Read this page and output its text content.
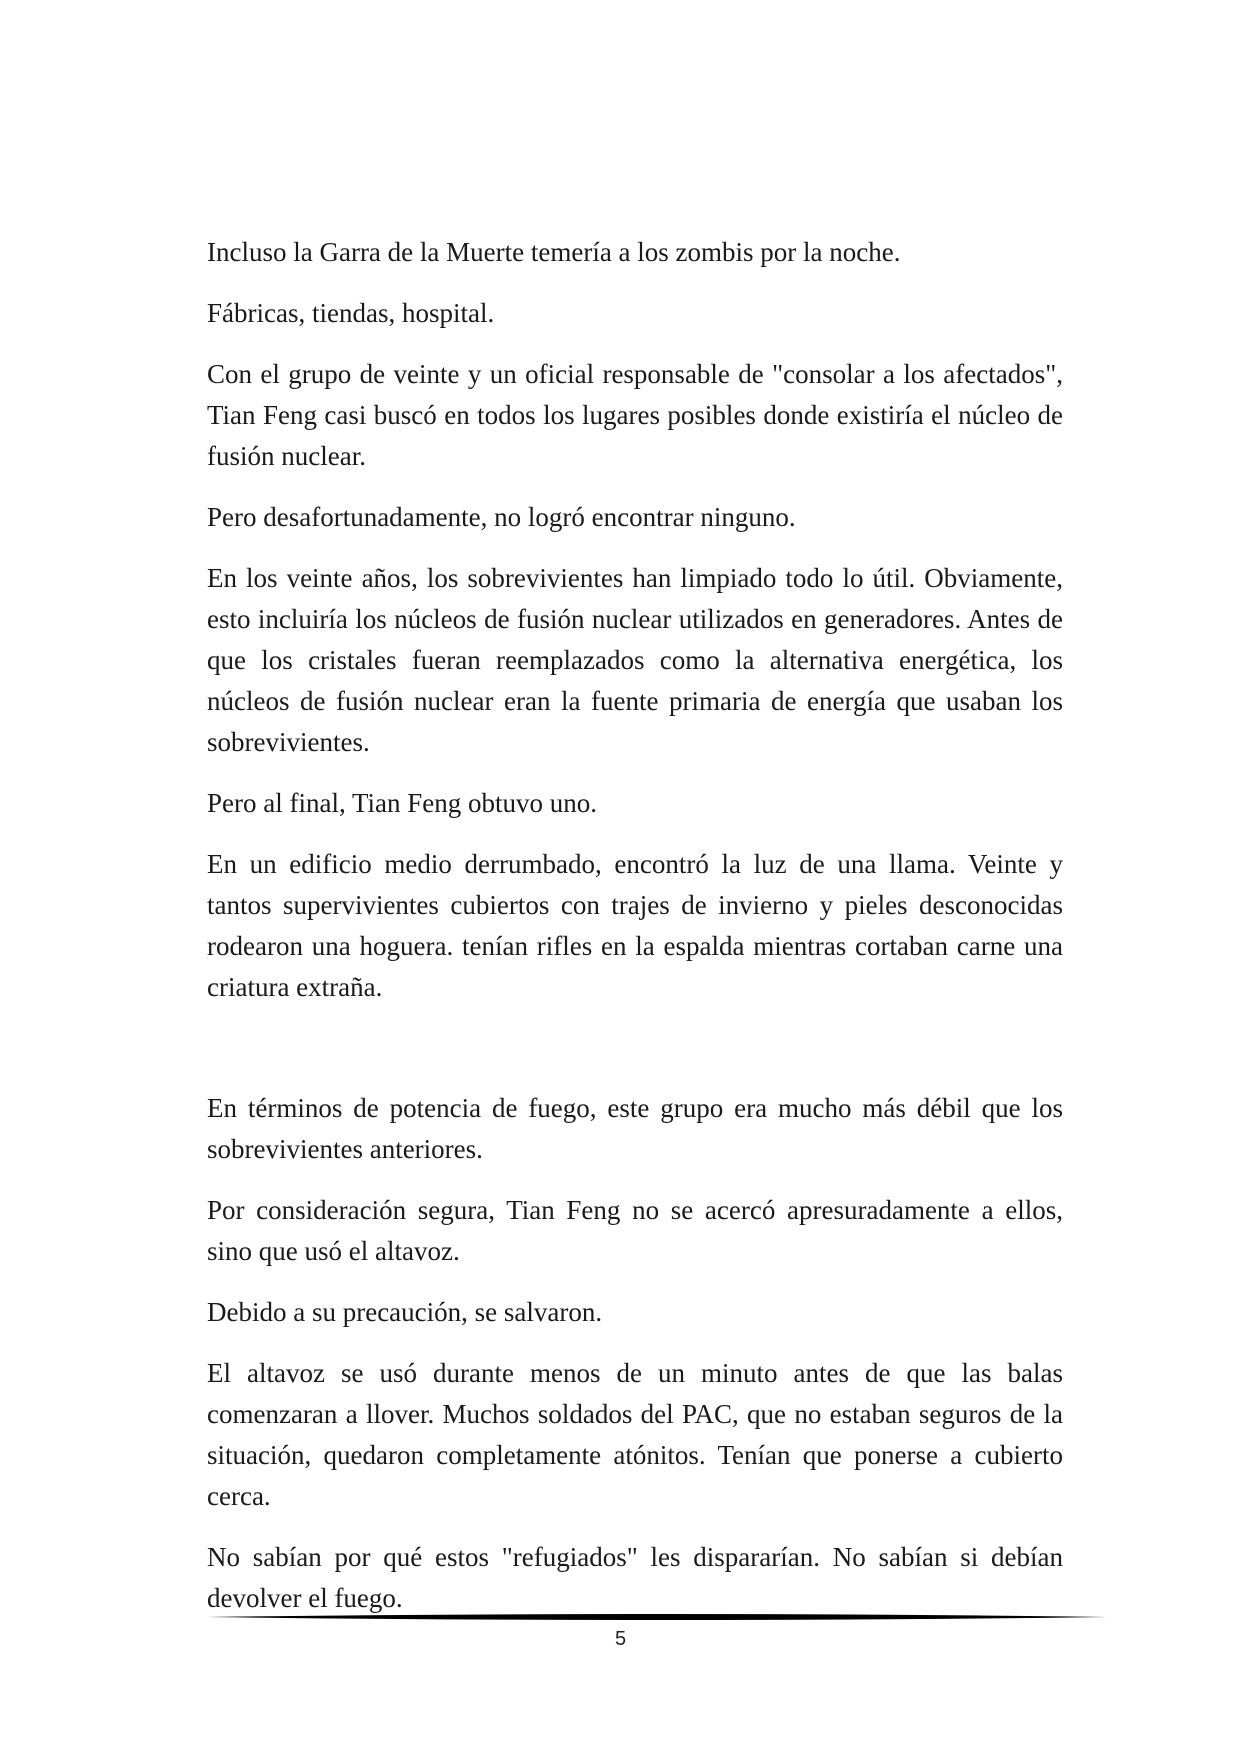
Incluso la Garra de la Muerte temería a los zombis por la noche.

Fábricas, tiendas, hospital.

Con el grupo de veinte y un oficial responsable de "consolar a los afectados", Tian Feng casi buscó en todos los lugares posibles donde existiría el núcleo de fusión nuclear.

Pero desafortunadamente, no logró encontrar ninguno.

En los veinte años, los sobrevivientes han limpiado todo lo útil. Obviamente, esto incluiría los núcleos de fusión nuclear utilizados en generadores. Antes de que los cristales fueran reemplazados como la alternativa energética, los núcleos de fusión nuclear eran la fuente primaria de energía que usaban los sobrevivientes.

Pero al final, Tian Feng obtuvo uno.

En un edificio medio derrumbado, encontró la luz de una llama. Veinte y tantos supervivientes cubiertos con trajes de invierno y pieles desconocidas rodearon una hoguera. tenían rifles en la espalda mientras cortaban carne una criatura extraña.

En términos de potencia de fuego, este grupo era mucho más débil que los sobrevivientes anteriores.

Por consideración segura, Tian Feng no se acercó apresuradamente a ellos, sino que usó el altavoz.

Debido a su precaución, se salvaron.

El altavoz se usó durante menos de un minuto antes de que las balas comenzaran a llover. Muchos soldados del PAC, que no estaban seguros de la situación, quedaron completamente atónitos. Tenían que ponerse a cubierto cerca.

No sabían por qué estos "refugiados" les dispararían. No sabían si debían devolver el fuego.

5
